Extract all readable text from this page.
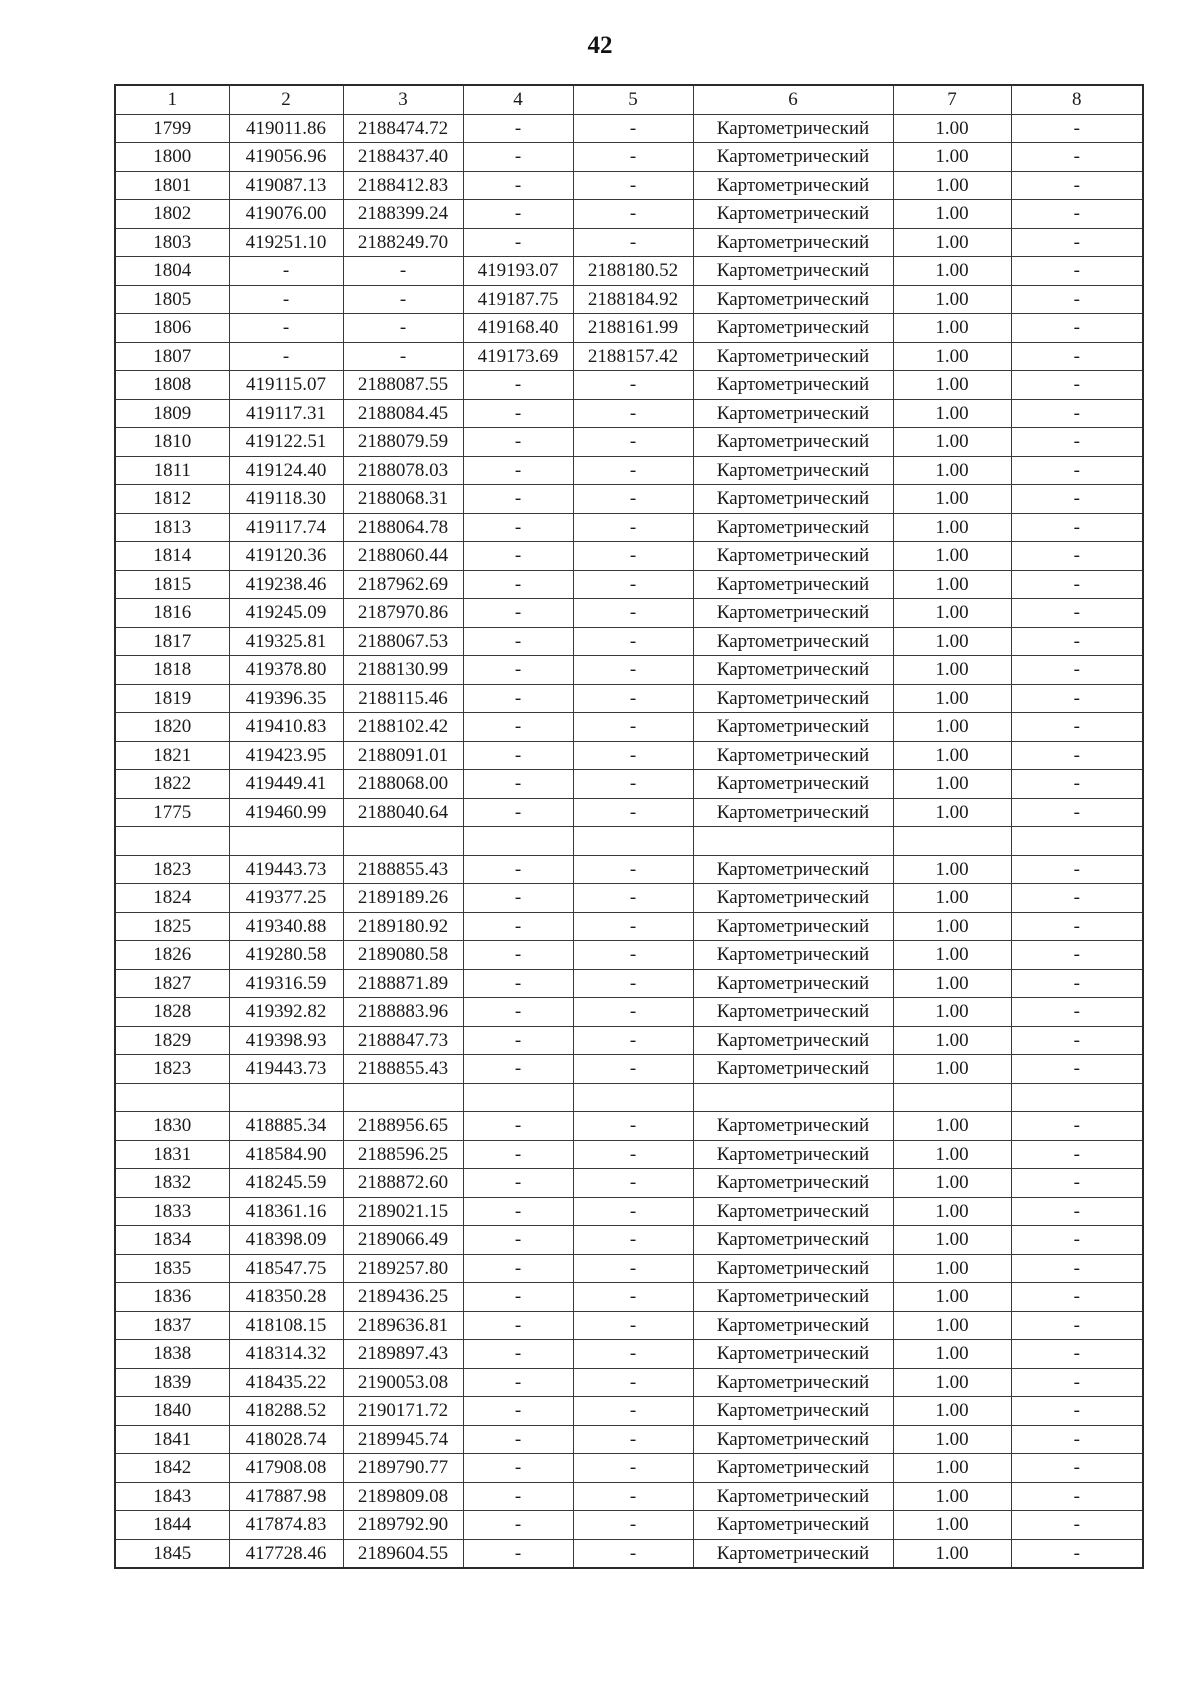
42
1	2	3	4	5	6	7	8
1799	419011.86	2188474.72	-	-	Картометрический	1.00	-
1800	419056.96	2188437.40	-	-	Картометрический	1.00	-
1801	419087.13	2188412.83	-	-	Картометрический	1.00	-
1802	419076.00	2188399.24	-	-	Картометрический	1.00	-
1803	419251.10	2188249.70	-	-	Картометрический	1.00	-
1804	-	-	419193.07	2188180.52	Картометрический	1.00	-
1805	-	-	419187.75	2188184.92	Картометрический	1.00	-
1806	-	-	419168.40	2188161.99	Картометрический	1.00	-
1807	-	-	419173.69	2188157.42	Картометрический	1.00	-
1808	419115.07	2188087.55	-	-	Картометрический	1.00	-
1809	419117.31	2188084.45	-	-	Картометрический	1.00	-
1810	419122.51	2188079.59	-	-	Картометрический	1.00	-
1811	419124.40	2188078.03	-	-	Картометрический	1.00	-
1812	419118.30	2188068.31	-	-	Картометрический	1.00	-
1813	419117.74	2188064.78	-	-	Картометрический	1.00	-
1814	419120.36	2188060.44	-	-	Картометрический	1.00	-
1815	419238.46	2187962.69	-	-	Картометрический	1.00	-
1816	419245.09	2187970.86	-	-	Картометрический	1.00	-
1817	419325.81	2188067.53	-	-	Картометрический	1.00	-
1818	419378.80	2188130.99	-	-	Картометрический	1.00	-
1819	419396.35	2188115.46	-	-	Картометрический	1.00	-
1820	419410.83	2188102.42	-	-	Картометрический	1.00	-
1821	419423.95	2188091.01	-	-	Картометрический	1.00	-
1822	419449.41	2188068.00	-	-	Картометрический	1.00	-
1775	419460.99	2188040.64	-	-	Картометрический	1.00	-

1823	419443.73	2188855.43	-	-	Картометрический	1.00	-
1824	419377.25	2189189.26	-	-	Картометрический	1.00	-
1825	419340.88	2189180.92	-	-	Картометрический	1.00	-
1826	419280.58	2189080.58	-	-	Картометрический	1.00	-
1827	419316.59	2188871.89	-	-	Картометрический	1.00	-
1828	419392.82	2188883.96	-	-	Картометрический	1.00	-
1829	419398.93	2188847.73	-	-	Картометрический	1.00	-
1823	419443.73	2188855.43	-	-	Картометрический	1.00	-

1830	418885.34	2188956.65	-	-	Картометрический	1.00	-
1831	418584.90	2188596.25	-	-	Картометрический	1.00	-
1832	418245.59	2188872.60	-	-	Картометрический	1.00	-
1833	418361.16	2189021.15	-	-	Картометрический	1.00	-
1834	418398.09	2189066.49	-	-	Картометрический	1.00	-
1835	418547.75	2189257.80	-	-	Картометрический	1.00	-
1836	418350.28	2189436.25	-	-	Картометрический	1.00	-
1837	418108.15	2189636.81	-	-	Картометрический	1.00	-
1838	418314.32	2189897.43	-	-	Картометрический	1.00	-
1839	418435.22	2190053.08	-	-	Картометрический	1.00	-
1840	418288.52	2190171.72	-	-	Картометрический	1.00	-
1841	418028.74	2189945.74	-	-	Картометрический	1.00	-
1842	417908.08	2189790.77	-	-	Картометрический	1.00	-
1843	417887.98	2189809.08	-	-	Картометрический	1.00	-
1844	417874.83	2189792.90	-	-	Картометрический	1.00	-
1845	417728.46	2189604.55	-	-	Картометрический	1.00	-
